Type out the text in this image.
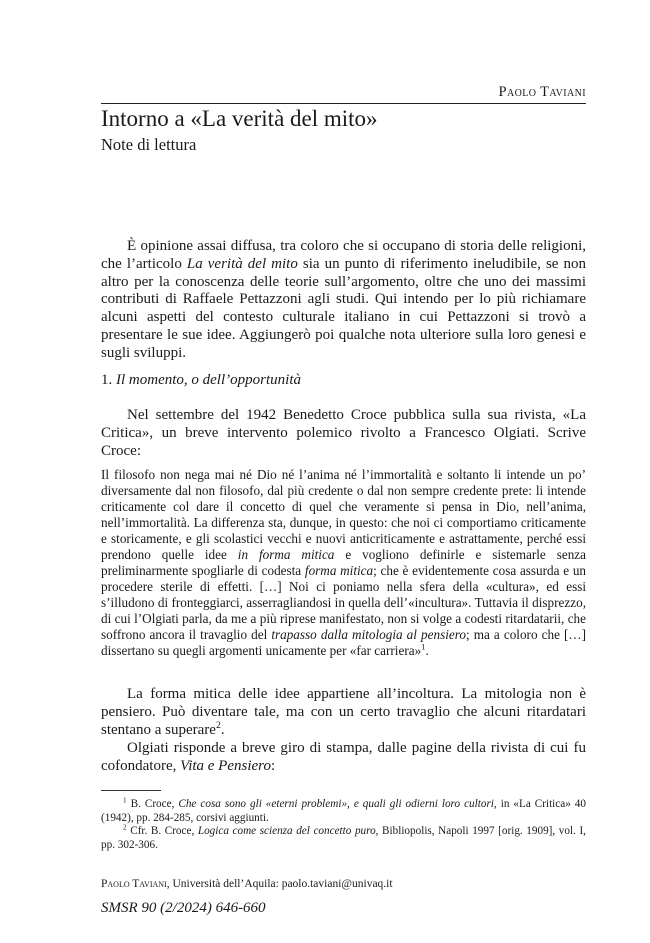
Paolo Taviani
Intorno a «La verità del mito»
Note di lettura
È opinione assai diffusa, tra coloro che si occupano di storia delle religioni, che l’articolo La verità del mito sia un punto di riferimento ineludibile, se non altro per la conoscenza delle teorie sull’argomento, oltre che uno dei massimi contributi di Raffaele Pettazzoni agli studi. Qui intendo per lo più richiamare alcuni aspetti del contesto culturale italiano in cui Pettazzoni si trovò a presentare le sue idee. Aggiungerò poi qualche nota ulteriore sulla loro genesi e sugli sviluppi.
1. Il momento, o dell’opportunità
Nel settembre del 1942 Benedetto Croce pubblica sulla sua rivista, «La Critica», un breve intervento polemico rivolto a Francesco Olgiati. Scrive Croce:
Il filosofo non nega mai né Dio né l’anima né l’immortalità e soltanto li intende un po’ diversamente dal non filosofo, dal più credente o dal non sempre credente prete: li intende criticamente col dare il concetto di quel che veramente si pensa in Dio, nell’anima, nell’immortalità. La differenza sta, dunque, in questo: che noi ci comportiamo criticamente e storicamente, e gli scolastici vecchi e nuovi anticriticamente e astrattamente, perché essi prendono quelle idee in forma mitica e vogliono definirle e sistemarle senza preliminarmente spogliarle di codesta forma mitica; che è evidentemente cosa assurda e un procedere sterile di effetti. […] Noi ci poniamo nella sfera della «cultura», ed essi s’illudono di fronteggiarci, asserragliandosi in quella dell’«incultura». Tuttavia il disprezzo, di cui l’Olgiati parla, da me a più riprese manifestato, non si volge a codesti ritardatarii, che soffrono ancora il travaglio del trapasso dalla mitologia al pensiero; ma a coloro che […] dissertano su quegli argomenti unicamente per «far carriera»$^1$.
La forma mitica delle idee appartiene all’incoltura. La mitologia non è pensiero. Può diventare tale, ma con un certo travaglio che alcuni ritardatari stentano a superare$^2$.
Olgiati risponde a breve giro di stampa, dalle pagine della rivista di cui fu cofondatore, Vita e Pensiero:

$^1$ B. Croce, Che cosa sono gli «eterni problemi», e quali gli odierni loro cultori, in «La Critica» 40 (1942), pp. 284-285, corsivi aggiunti.

$^2$ Cfr. B. Croce, Logica come scienza del concetto puro, Bibliopolis, Napoli 1997 [orig. 1909], vol. I, pp. 302-306.

Paolo Taviani, Università dell’Aquila: paolo.taviani@univaq.it
SMSR 90 (2/2024) 646-660
